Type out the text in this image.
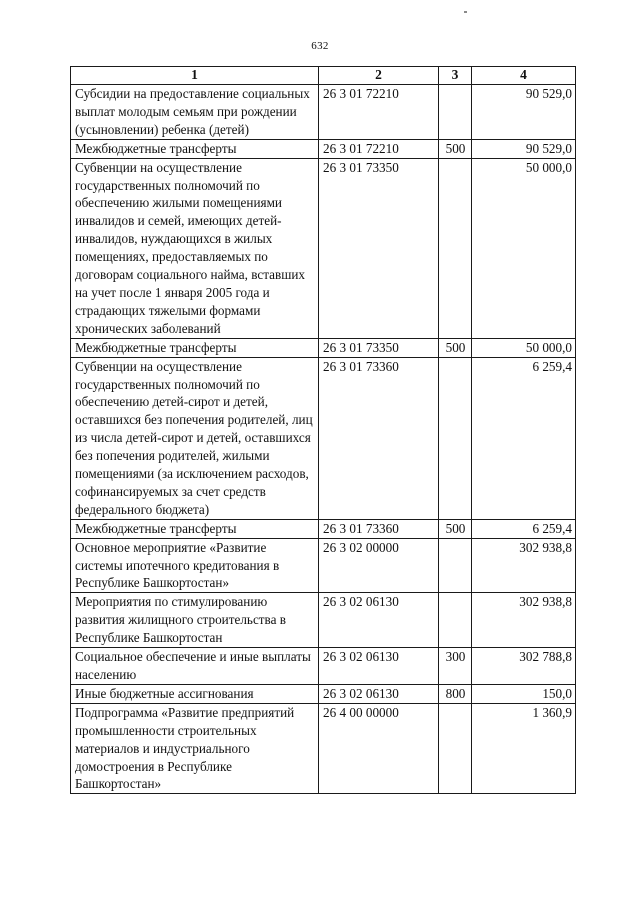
632
1	2	3	4
Субсидии на предоставление социальных выплат молодым семьям при рождении (усыновлении) ребенка (детей)	26 3 01 72210		90 529,0
Межбюджетные трансферты	26 3 01 72210	500	90 529,0
Субвенции на осуществление государственных полномочий по обеспечению жилыми помещениями инвалидов и семей, имеющих детей-инвалидов, нуждающихся в жилых помещениях, предоставляемых по договорам социального найма, вставших на учет после 1 января 2005 года и страдающих тяжелыми формами хронических заболеваний	26 3 01 73350		50 000,0
Межбюджетные трансферты	26 3 01 73350	500	50 000,0
Субвенции на осуществление государственных полномочий по обеспечению детей-сирот и детей, оставшихся без попечения родителей, лиц из числа детей-сирот и детей, оставшихся без попечения родителей, жилыми помещениями (за исключением расходов, софинансируемых за счет средств федерального бюджета)	26 3 01 73360		6 259,4
Межбюджетные трансферты	26 3 01 73360	500	6 259,4
Основное мероприятие «Развитие системы ипотечного кредитования в Республике Башкортостан»	26 3 02 00000		302 938,8
Мероприятия по стимулированию развития жилищного строительства в Республике Башкортостан	26 3 02 06130		302 938,8
Социальное обеспечение и иные выплаты населению	26 3 02 06130	300	302 788,8
Иные бюджетные ассигнования	26 3 02 06130	800	150,0
Подпрограмма «Развитие предприятий промышленности строительных материалов и индустриального домостроения в Республике Башкортостан»	26 4 00 00000		1 360,9
